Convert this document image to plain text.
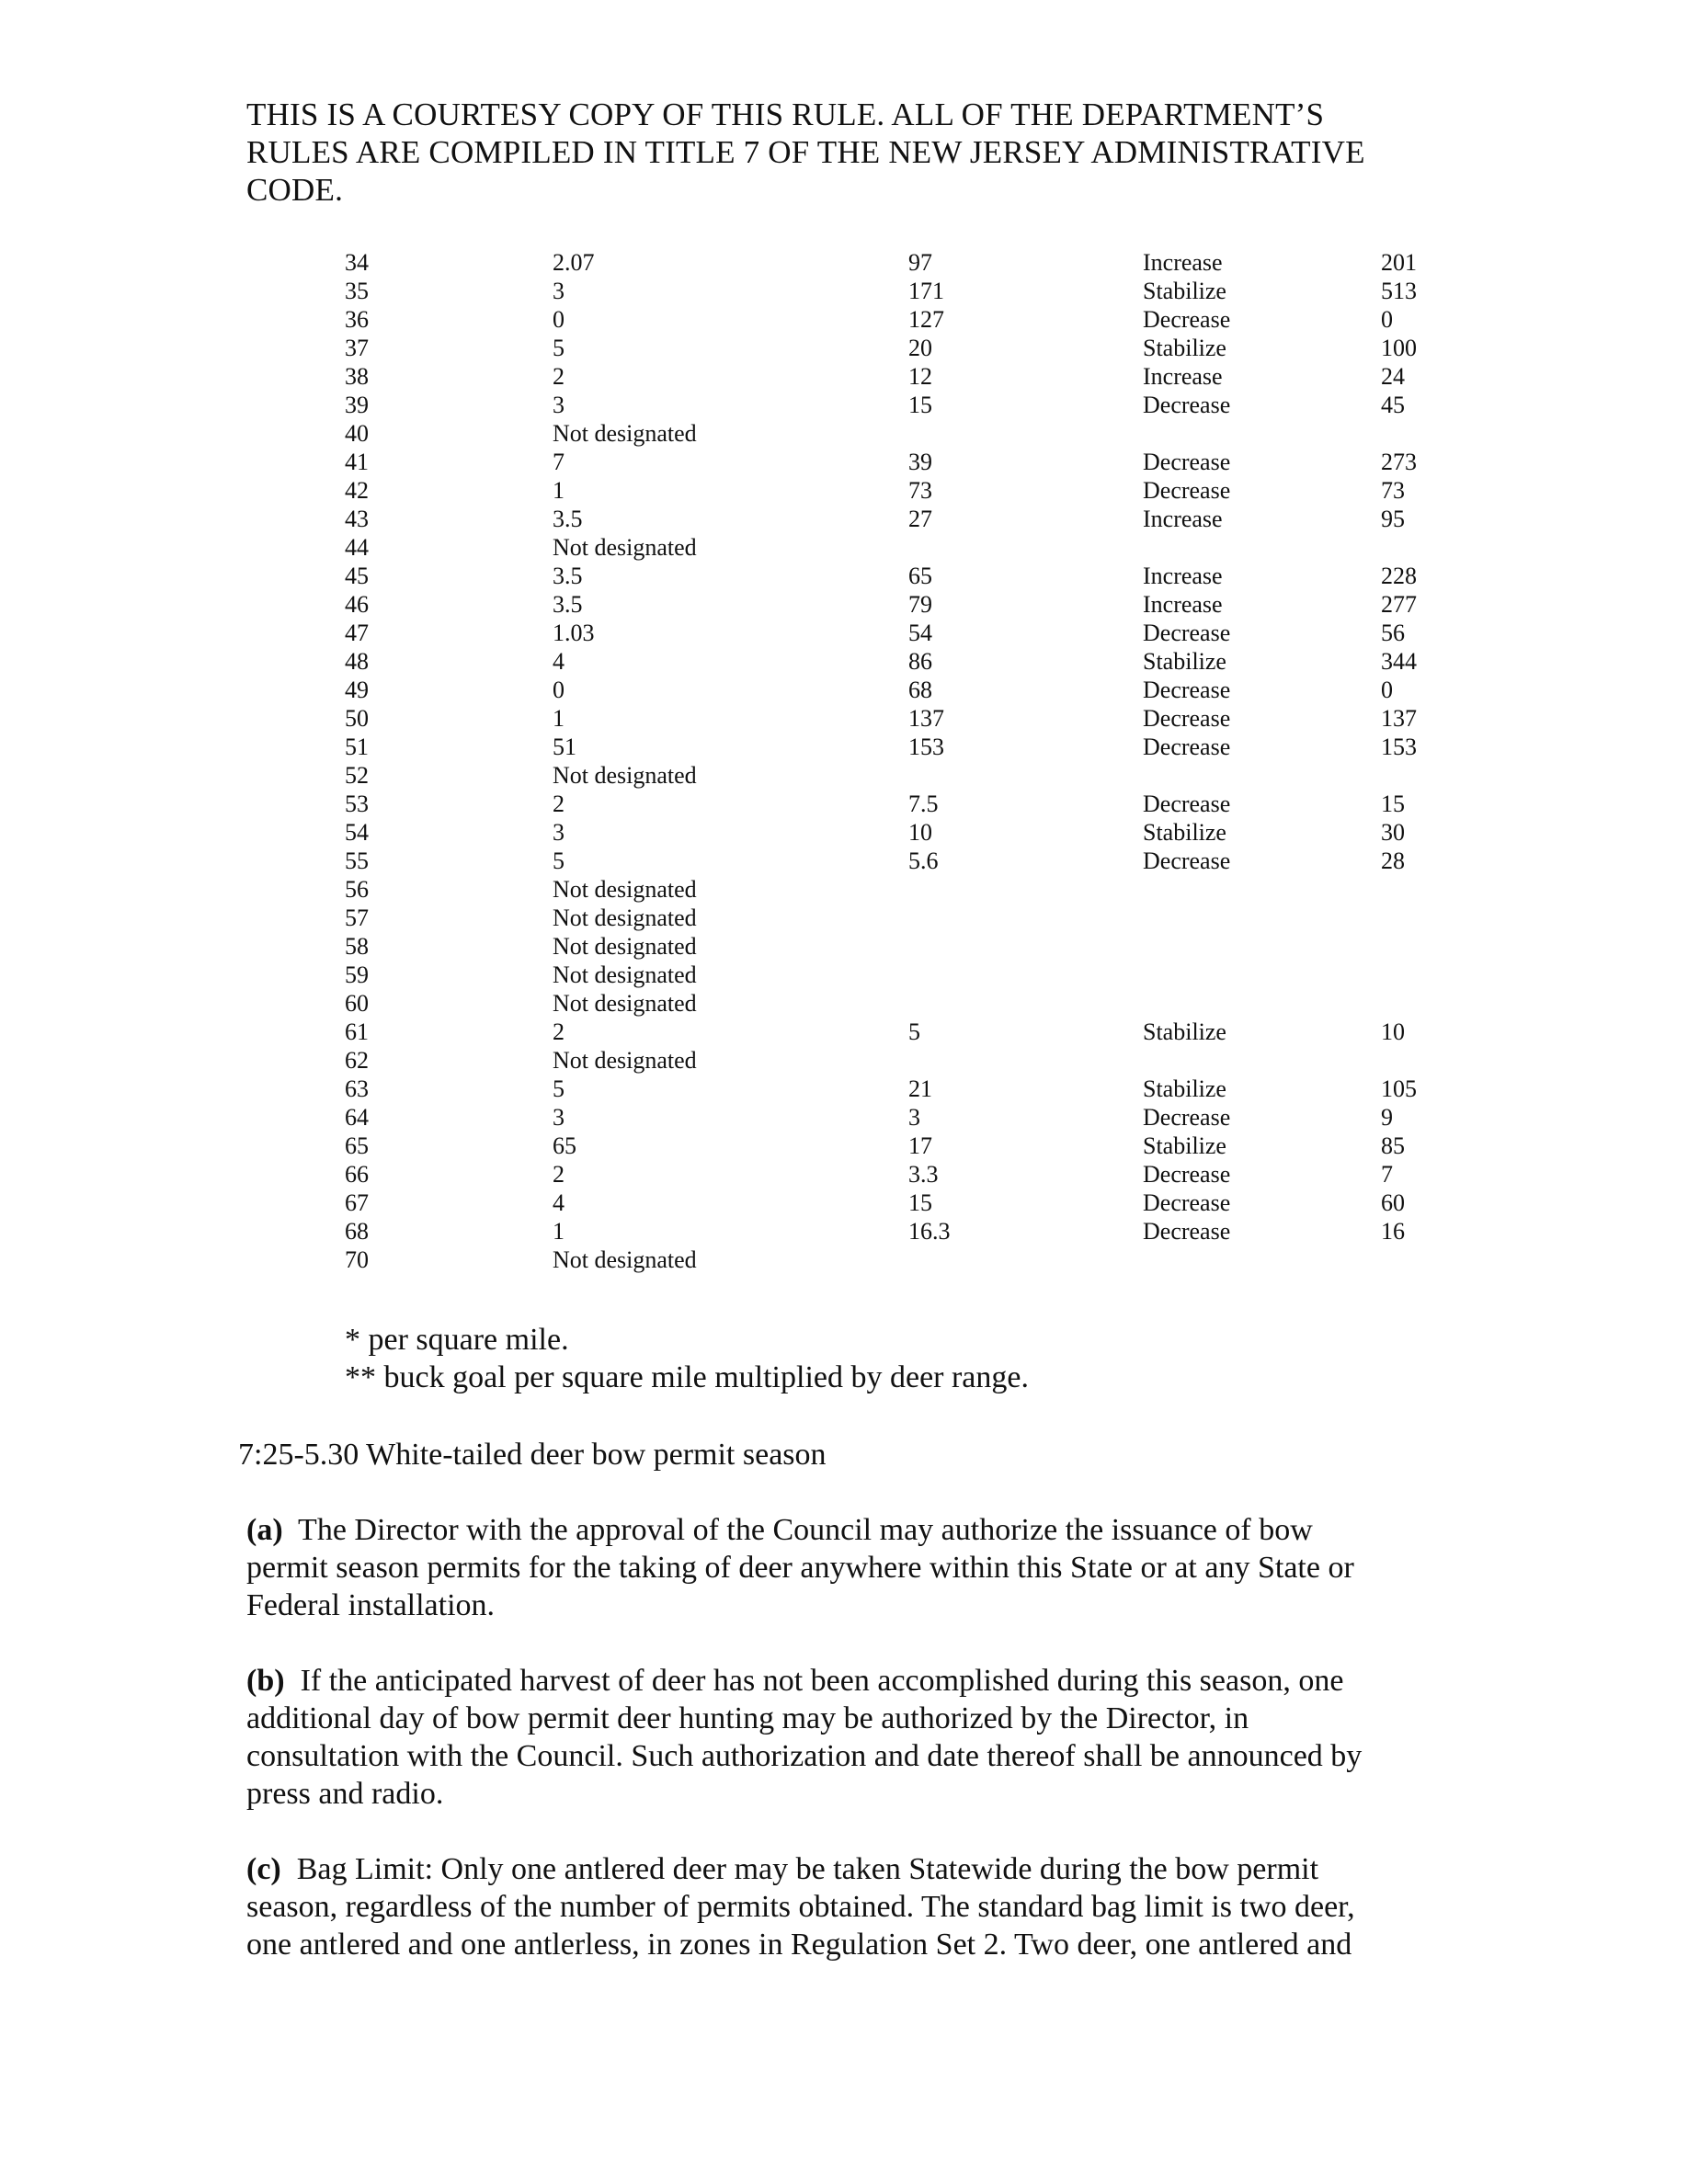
THIS IS A COURTESY COPY OF THIS RULE. ALL OF THE DEPARTMENT’S
RULES ARE COMPILED IN TITLE 7 OF THE NEW JERSEY ADMINISTRATIVE
CODE.
34	2.07	97	Increase	201
35	3	171	Stabilize	513
36	0	127	Decrease	0
37	5	20	Stabilize	100
38	2	12	Increase	24
39	3	15	Decrease	45
40	Not designated
41	7	39	Decrease	273
42	1	73	Decrease	73
43	3.5	27	Increase	95
44	Not designated
45	3.5	65	Increase	228
46	3.5	79	Increase	277
47	1.03	54	Decrease	56
48	4	86	Stabilize	344
49	0	68	Decrease	0
50	1	137	Decrease	137
51	51	153	Decrease	153
52	Not designated
53	2	7.5	Decrease	15
54	3	10	Stabilize	30
55	5	5.6	Decrease	28
56	Not designated
57	Not designated
58	Not designated
59	Not designated
60	Not designated
61	2	5	Stabilize	10
62	Not designated
63	5	21	Stabilize	105
64	3	3	Decrease	9
65	65	17	Stabilize	85
66	2	3.3	Decrease	7
67	4	15	Decrease	60
68	1	16.3	Decrease	16
70	Not designated
* per square mile.
** buck goal per square mile multiplied by deer range.
7:25-5.30 White-tailed deer bow permit season
(a) The Director with the approval of the Council may authorize the issuance of bow
permit season permits for the taking of deer anywhere within this State or at any State or
Federal installation.
(b) If the anticipated harvest of deer has not been accomplished during this season, one
additional day of bow permit deer hunting may be authorized by the Director, in
consultation with the Council. Such authorization and date thereof shall be announced by
press and radio.
(c) Bag Limit: Only one antlered deer may be taken Statewide during the bow permit
season, regardless of the number of permits obtained. The standard bag limit is two deer,
one antlered and one antlerless, in zones in Regulation Set 2. Two deer, one antlered and
